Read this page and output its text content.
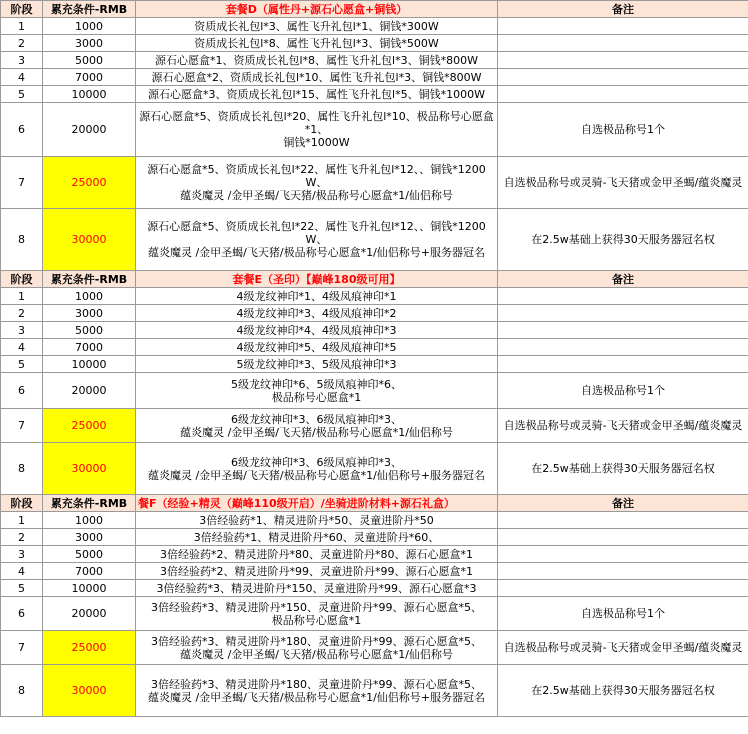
阶段	累充条件-RMB	套餐D（属性丹+源石心愿盒+铜钱）	备注
1	1000	资质成长礼包l*3、属性飞升礼包l*1、铜钱*300W	
2	3000	资质成长礼包l*8、属性飞升礼包l*3、铜钱*500W	
3	5000	源石心愿盒*1、资质成长礼包l*8、属性飞升礼包l*3、铜钱*800W	
4	7000	源石心愿盒*2、资质成长礼包l*10、属性飞升礼包l*3、铜钱*800W	
5	10000	源石心愿盒*3、资质成长礼包l*15、属性飞升礼包l*5、铜钱*1000W	
6	20000	源石心愿盒*5、资质成长礼包l*20、属性飞升礼包l*10、极品称号心愿盒*1、
铜钱*1000W	自选极品称号1个
7	25000	源石心愿盒*5、资质成长礼包l*22、属性飞升礼包l*12、、铜钱*1200W、
蕴炎魔灵 /金甲圣蝎/飞天猪/极品称号心愿盒*1/仙侣称号	自选极品称号或灵骑-飞天猪或金甲圣蝎/蕴炎魔灵
8	30000	源石心愿盒*5、资质成长礼包l*22、属性飞升礼包l*12、、铜钱*1200W、
蕴炎魔灵 /金甲圣蝎/飞天猪/极品称号心愿盒*1/仙侣称号+服务器冠名	在2.5w基础上获得30天服务器冠名权
阶段	累充条件-RMB	套餐E（圣印）【巅峰180级可用】	备注
1	1000	4级龙纹神印*1、4级凤痕神印*1	
2	3000	4级龙纹神印*3、4级凤痕神印*2	
3	5000	4级龙纹神印*4、4级凤痕神印*3	
4	7000	4级龙纹神印*5、4级凤痕神印*5	
5	10000	5级龙纹神印*3、5级凤痕神印*3	
6	20000	5级龙纹神印*6、5级凤痕神印*6、
极品称号心愿盒*1	自选极品称号1个
7	25000	6级龙纹神印*3、6级凤痕神印*3、
蕴炎魔灵 /金甲圣蝎/飞天猪/极品称号心愿盒*1/仙侣称号	自选极品称号或灵骑-飞天猪或金甲圣蝎/蕴炎魔灵
8	30000	6级龙纹神印*3、6级凤痕神印*3、
蕴炎魔灵 /金甲圣蝎/飞天猪/极品称号心愿盒*1/仙侣称号+服务器冠名	在2.5w基础上获得30天服务器冠名权
阶段	累充条件-RMB	餐F（经验+精灵（巅峰110级开启）/坐骑进阶材料+源石礼盒）	备注
1	1000	3倍经验药*1、精灵进阶丹*50、灵童进阶丹*50	
2	3000	3倍经验药*1、精灵进阶丹*60、灵童进阶丹*60、	
3	5000	3倍经验药*2、精灵进阶丹*80、灵童进阶丹*80、源石心愿盒*1	
4	7000	3倍经验药*2、精灵进阶丹*99、灵童进阶丹*99、源石心愿盒*1	
5	10000	3倍经验药*3、精灵进阶丹*150、灵童进阶丹*99、源石心愿盒*3	
6	20000	3倍经验药*3、精灵进阶丹*150、灵童进阶丹*99、源石心愿盒*5、
极品称号心愿盒*1	自选极品称号1个
7	25000	3倍经验药*3、精灵进阶丹*180、灵童进阶丹*99、源石心愿盒*5、
蕴炎魔灵 /金甲圣蝎/飞天猪/极品称号心愿盒*1/仙侣称号	自选极品称号或灵骑-飞天猪或金甲圣蝎/蕴炎魔灵
8	30000	3倍经验药*3、精灵进阶丹*180、灵童进阶丹*99、源石心愿盒*5、
蕴炎魔灵 /金甲圣蝎/飞天猪/极品称号心愿盒*1/仙侣称号+服务器冠名	在2.5w基础上获得30天服务器冠名权
